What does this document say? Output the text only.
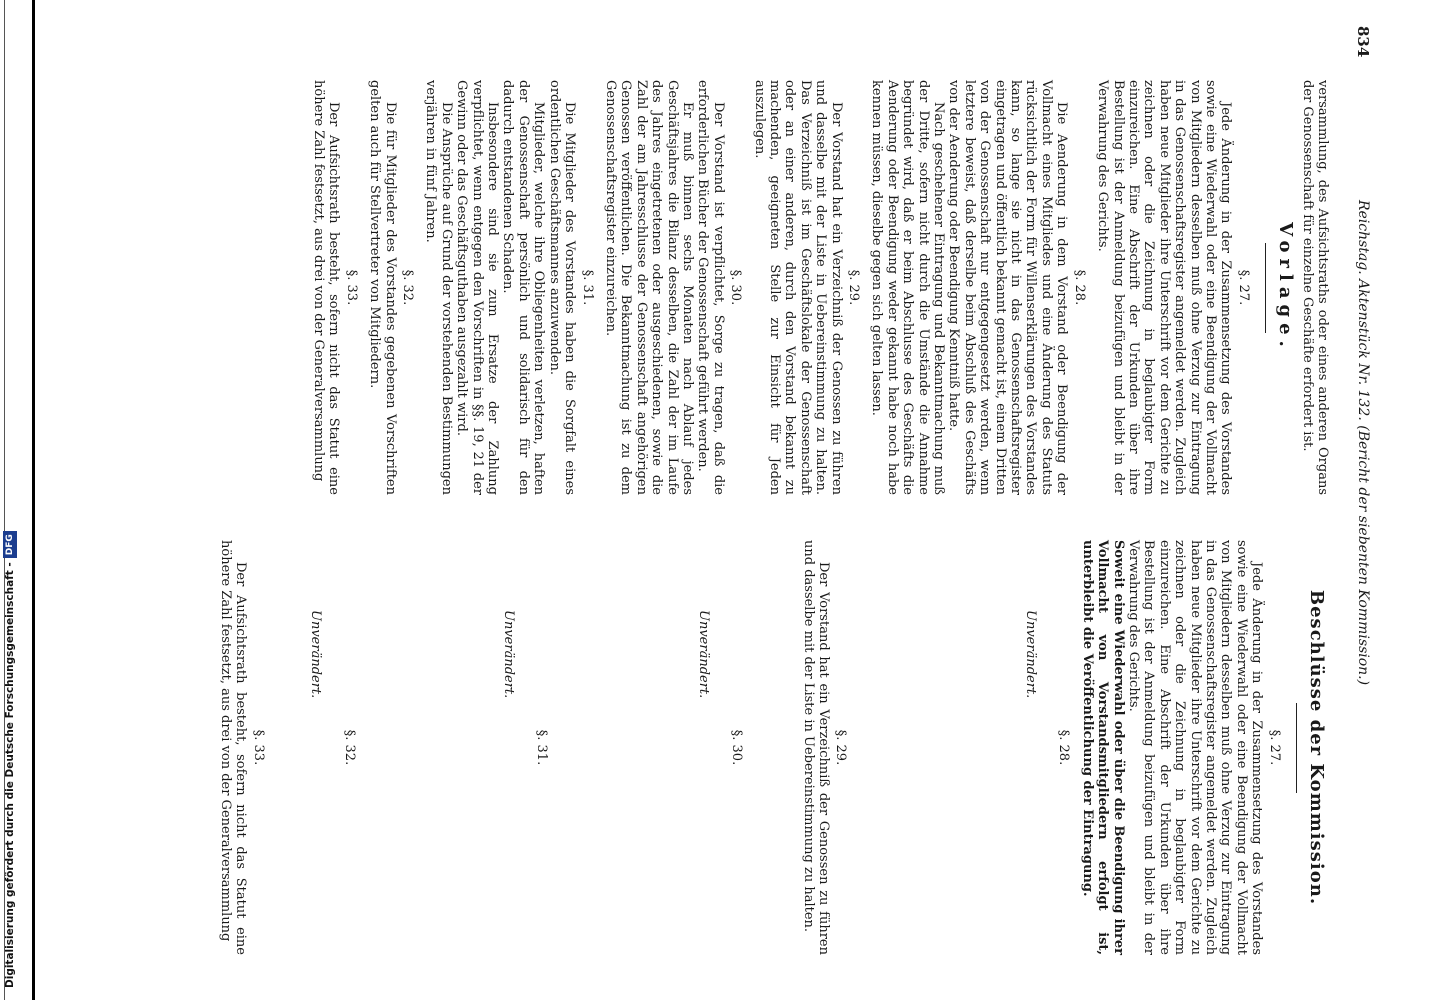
834
Reichstag. Aktenstück Nr. 132. (Bericht der siebenten Kommission.)

versammlung, des Aufsichtsraths oder eines anderen Organs der Genossenschaft für einzelne Geschäfte erfordert ist.

Vorlage.
§. 27.

Jede Änderung in der Zusammensetzung des Vorstandes sowie eine Wiederwahl oder eine Beendigung der Vollmacht von Mitgliedern desselben muß ohne Verzug zur Eintragung in das Genossenschaftsregister angemeldet werden. Zugleich haben neue Mitglieder ihre Unterschrift vor dem Gerichte zu zeichnen oder die Zeichnung in beglaubigter Form einzureichen. Eine Abschrift der Urkunden über ihre Bestellung ist der Anmeldung beizufügen und bleibt in der Verwahrung des Gerichts.

§. 28.

Die Aenderung in dem Vorstand oder Beendigung der Vollmacht eines Mitgliedes und eine Änderung des Statuts rücksichtlich der Form für Willenserklärungen des Vorstandes kann, so lange sie nicht in das Genossenschaftsregister eingetragen und öffentlich bekannt gemacht ist, einem Dritten von der Genossenschaft nur entgegengesetzt werden, wenn letztere beweist, daß derselbe beim Abschluß des Geschäfts von der Aenderung oder Beendigung Kenntniß hatte.

Nach geschehener Eintragung und Bekanntmachung muß der Dritte, sofern nicht durch die Umstände die Annahme begründet wird, daß er beim Abschlusse des Geschäfts die Aenderung oder Beendigung weder gekannt habe noch habe kennen müssen, dieselbe gegen sich gelten lassen.

§. 29.

Der Vorstand hat ein Verzeichniß der Genossen zu führen und dasselbe mit der Liste in Uebereinstimmung zu halten. Das Verzeichniß ist im Geschäftslokale der Genossenschaft oder an einer anderen, durch den Vorstand bekannt zu machenden, geeigneten Stelle zur Einsicht für Jeden auszulegen.

§. 30.

Der Vorstand ist verpflichtet, Sorge zu tragen, daß die erforderlichen Bücher der Genossenschaft geführt werden.

Er muß binnen sechs Monaten nach Ablauf jedes Geschäftsjahres die Bilanz desselben, die Zahl der im Laufe des Jahres eingetretenen oder ausgeschiedenen, sowie die Zahl der am Jahresschlusse der Genossenschaft angehörigen Genossen veröffentlichen. Die Bekanntmachung ist zu dem Genossenschaftsregister einzureichen.

§. 31.

Die Mitglieder des Vorstandes haben die Sorgfalt eines ordentlichen Geschäftsmannes anzuwenden.

Mitglieder, welche ihre Obliegenheiten verletzen, haften der Genossenschaft persönlich und solidarisch für den dadurch entstandenen Schaden.

Insbesondere sind sie zum Ersatze der Zahlung verpflichtet, wenn entgegen den Vorschriften in §§. 19, 21 der Gewinn oder das Geschäftsguthaben ausgezahlt wird.

Die Ansprüche auf Grund der vorstehenden Bestimmungen verjähren in fünf Jahren.

§. 32.

Die für Mitglieder des Vorstandes gegebenen Vorschriften gelten auch für Stellvertreter von Mitgliedern.

§. 33.

Der Aufsichtsrath besteht, sofern nicht das Statut eine höhere Zahl festsetzt, aus drei von der Generalversammlung

Beschlüsse der Kommission.
§. 27.

Jede Änderung in der Zusammensetzung des Vorstandes sowie eine Wiederwahl oder eine Beendigung der Vollmacht von Mitgliedern desselben muß ohne Verzug zur Eintragung in das Genossenschaftsregister angemeldet werden. Zugleich haben neue Mitglieder ihre Unterschrift vor dem Gerichte zu zeichnen oder die Zeichnung in beglaubigter Form einzureichen. Eine Abschrift der Urkunden über ihre Bestellung ist der Anmeldung beizufügen und bleibt in der Verwahrung des Gerichts.

Soweit eine Wiederwahl oder über die Beendigung ihrer Vollmacht von Vorstandsmitgliedern erfolgt ist, unterbleibt die Veröffentlichung der Eintragung.

§. 28.
Unverändert.
§. 29.

Der Vorstand hat ein Verzeichniß der Genossen zu führen und dasselbe mit der Liste in Uebereinstimmung zu halten.

§. 30.
Unverändert.
§. 31.
Unverändert.
§. 32.
Unverändert.
§. 33.

Der Aufsichtsrath besteht, sofern nicht das Statut eine höhere Zahl festsetzt, aus drei von der Generalversammlung

Digitalisierung gefördert durch die Deutsche Forschungsgemeinschaft -
DFG
